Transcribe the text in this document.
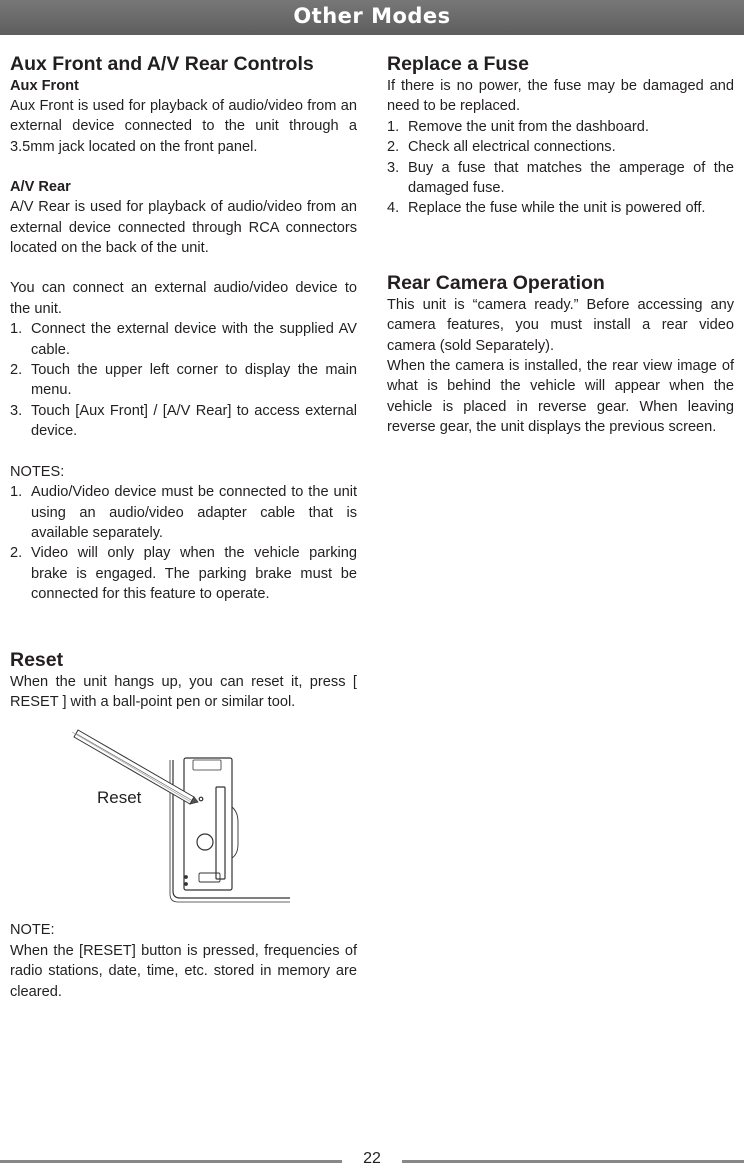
Other Modes
Aux Front and A/V Rear Controls
Aux Front

Aux Front is used for playback of audio/video from an external device connected to the unit through a 3.5mm jack located on the front panel.

A/V Rear

A/V Rear is used for playback of audio/video from an external device connected through RCA connectors located on the back of the unit.

You can connect an external audio/video device to the unit.

1. Connect the external device with the supplied AV cable.
2. Touch the upper left corner to display the main menu.
3. Touch [Aux Front] / [A/V Rear] to access external device.

NOTES:

1. Audio/Video device must be connected to the unit using an audio/video adapter cable that is available separately.
2. Video will only play when the vehicle parking brake is engaged. The parking brake must be connected for this feature to operate.
Reset

When the unit hangs up, you can reset it, press [ RESET ] with a ball-point pen or similar tool.

Reset

NOTE:

When the [RESET] button is pressed, frequencies of radio stations, date, time, etc. stored in memory are cleared.

Replace a Fuse

If there is no power, the fuse may be damaged and need to be replaced.

1. Remove the unit from the dashboard.
2. Check all electrical connections.
3. Buy a fuse that matches the amperage of the damaged fuse.
4. Replace the fuse while the unit is powered off.
Rear Camera Operation

This unit is “camera ready.” Before accessing any camera features, you must install a rear video camera (sold Separately).

When the camera is installed, the rear view image of what is behind the vehicle will appear when the vehicle is placed in reverse gear. When leaving reverse gear, the unit displays the previous screen.

22
